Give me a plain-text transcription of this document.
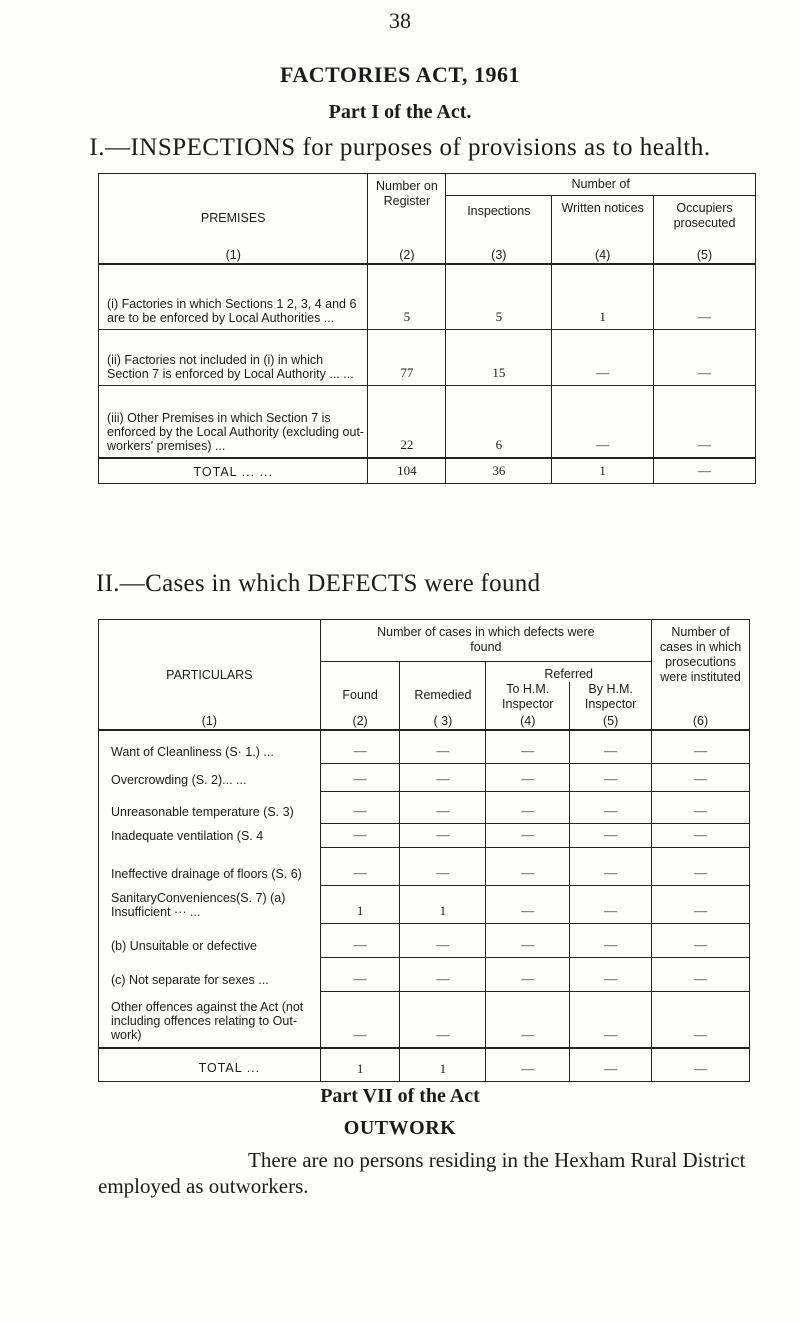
38
FACTORIES ACT, 1961
Part I of the Act.
I.—INSPECTIONS for purposes of provisions as to health.
PREMISES	Number on Register	Number of		
		Inspections	Written notices	Occupiers prosecuted
(1)	(2)	(3)	(4)	(5)
(i) Factories in which Sections 1 2, 3, 4 and 6 are to be enforced by Local Authorities ...	5	5	1	—
(ii) Factories not included in (i) in which Section 7 is enforced by Local Authority ... ...	77	15	—	—
(iii) Other Premises in which Section 7 is enforced by the Local Authority (excluding out-workers' premises) ...	22	6	—	—
TOTAL ... ...	104	36	1	—
II.—Cases in which DEFECTS were found
PARTICULARS	Number of cases in which defects were found				Number of cases in which prosecutions were instituted
	Found	Remedied	Referred		
			To H.M. Inspector	By H.M. Inspector	
(1)	(2)	( 3)	(4)	(5)	(6)
Want of Cleanliness (S· 1.) ...	—	—	—	—	—
Overcrowding (S. 2)... ...	—	—	—	—	—
Unreasonable temperature (S. 3)	—	—	—	—	—
Inadequate ventilation (S. 4	—	—	—	—	—
Ineffective drainage of floors (S. 6)	—	—	—	—	—
SanitaryConveniences(S. 7) (a) Insufficient ··· ...	1	1	—	—	—
(b) Unsuitable or defective	—	—	—	—	—
(c) Not separate for sexes ...	—	—	—	—	—
Other offences against the Act (not including offences relating to Out-work)	—	—	—	—	—
TOTAL ...	1	1	—	—	—
Part VII of the Act
OUTWORK
There are no persons residing in the Hexham Rural District employed as outworkers.
